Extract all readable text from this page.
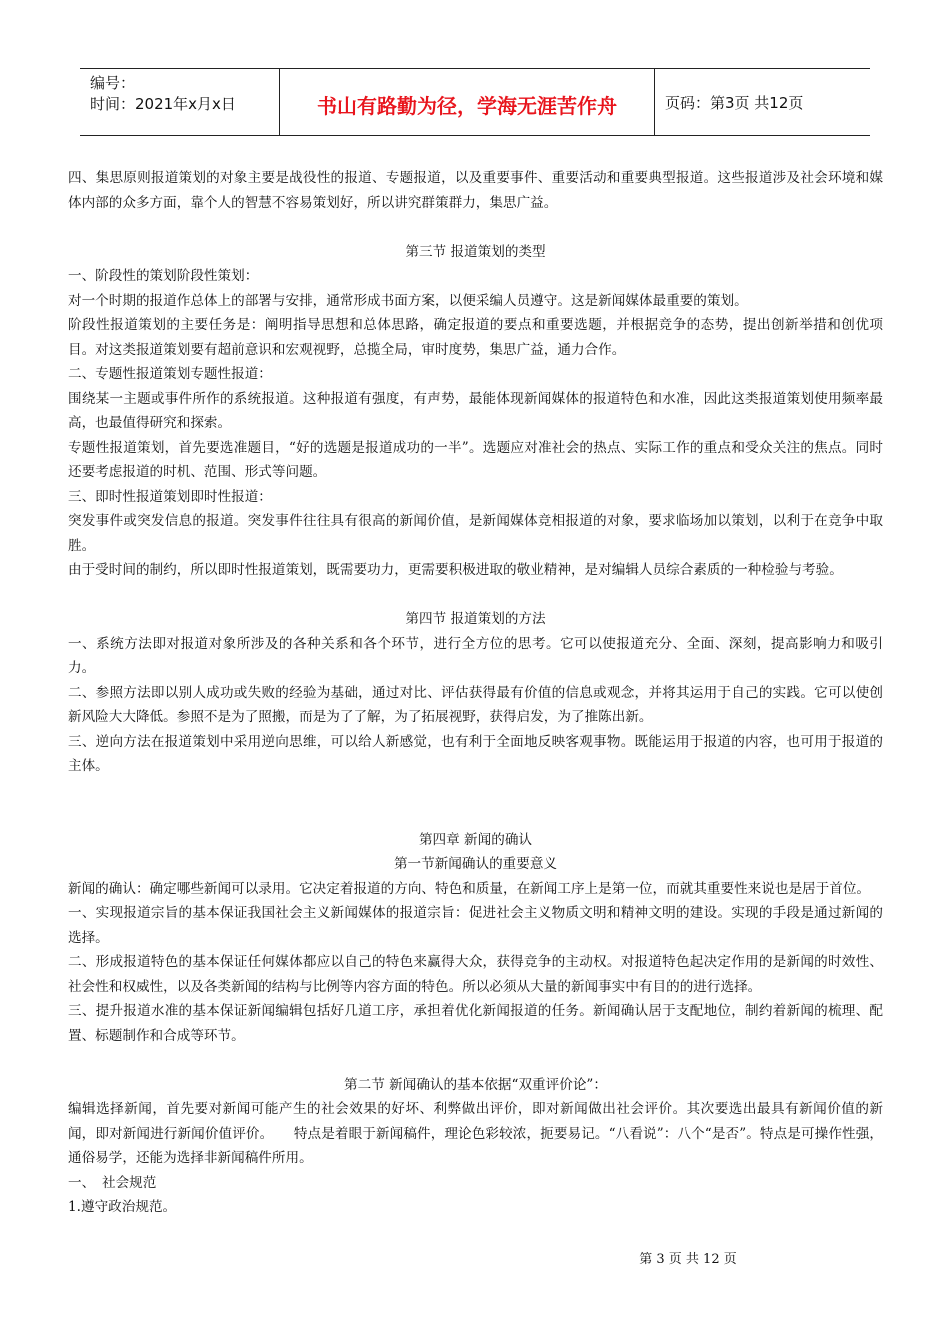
编号：
时间：2021年x月x日	书山有路勤为径，学海无涯苦作舟	页码：第3页 共12页

四、集思原则报道策划的对象主要是战役性的报道、专题报道，以及重要事件、重要活动和重要典型报道。这些报道涉及社会环境和媒体内部的众多方面，靠个人的智慧不容易策划好，所以讲究群策群力，集思广益。

第三节 报道策划的类型

一、阶段性的策划阶段性策划：

对一个时期的报道作总体上的部署与安排，通常形成书面方案，以便采编人员遵守。这是新闻媒体最重要的策划。

阶段性报道策划的主要任务是：阐明指导思想和总体思路，确定报道的要点和重要选题，并根据竞争的态势，提出创新举措和创优项目。对这类报道策划要有超前意识和宏观视野，总揽全局，审时度势，集思广益，通力合作。

二、专题性报道策划专题性报道：

围绕某一主题或事件所作的系统报道。这种报道有强度，有声势，最能体现新闻媒体的报道特色和水准，因此这类报道策划使用频率最高，也最值得研究和探索。

专题性报道策划，首先要选准题目，“好的选题是报道成功的一半”。选题应对准社会的热点、实际工作的重点和受众关注的焦点。同时还要考虑报道的时机、范围、形式等问题。

三、即时性报道策划即时性报道：

突发事件或突发信息的报道。突发事件往往具有很高的新闻价值，是新闻媒体竞相报道的对象，要求临场加以策划，以利于在竞争中取胜。

由于受时间的制约，所以即时性报道策划，既需要功力，更需要积极进取的敬业精神，是对编辑人员综合素质的一种检验与考验。

第四节 报道策划的方法

一、系统方法即对报道对象所涉及的各种关系和各个环节，进行全方位的思考。它可以使报道充分、全面、深刻，提高影响力和吸引力。

二、参照方法即以别人成功或失败的经验为基础，通过对比、评估获得最有价值的信息或观念，并将其运用于自己的实践。它可以使创新风险大大降低。参照不是为了照搬，而是为了了解，为了拓展视野，获得启发，为了推陈出新。

三、逆向方法在报道策划中采用逆向思维，可以给人新感觉，也有利于全面地反映客观事物。既能运用于报道的内容，也可用于报道的主体。

第四章 新闻的确认

第一节新闻确认的重要意义

新闻的确认：确定哪些新闻可以录用。它决定着报道的方向、特色和质量，在新闻工序上是第一位，而就其重要性来说也是居于首位。

一、实现报道宗旨的基本保证我国社会主义新闻媒体的报道宗旨：促进社会主义物质文明和精神文明的建设。实现的手段是通过新闻的选择。

二、形成报道特色的基本保证任何媒体都应以自己的特色来赢得大众，获得竞争的主动权。对报道特色起决定作用的是新闻的时效性、社会性和权威性，以及各类新闻的结构与比例等内容方面的特色。所以必须从大量的新闻事实中有目的的进行选择。

三、提升报道水准的基本保证新闻编辑包括好几道工序，承担着优化新闻报道的任务。新闻确认居于支配地位，制约着新闻的梳理、配置、标题制作和合成等环节。

第二节 新闻确认的基本依据“双重评价论”：

编辑选择新闻，首先要对新闻可能产生的社会效果的好坏、利弊做出评价，即对新闻做出社会评价。其次要选出最具有新闻价值的新闻，即对新闻进行新闻价值评价。　　特点是着眼于新闻稿件，理论色彩较浓，扼要易记。“八看说”：八个“是否”。特点是可操作性强，通俗易学，还能为选择非新闻稿件所用。

一、　社会规范

1.遵守政治规范。

第 3 页 共 12 页
